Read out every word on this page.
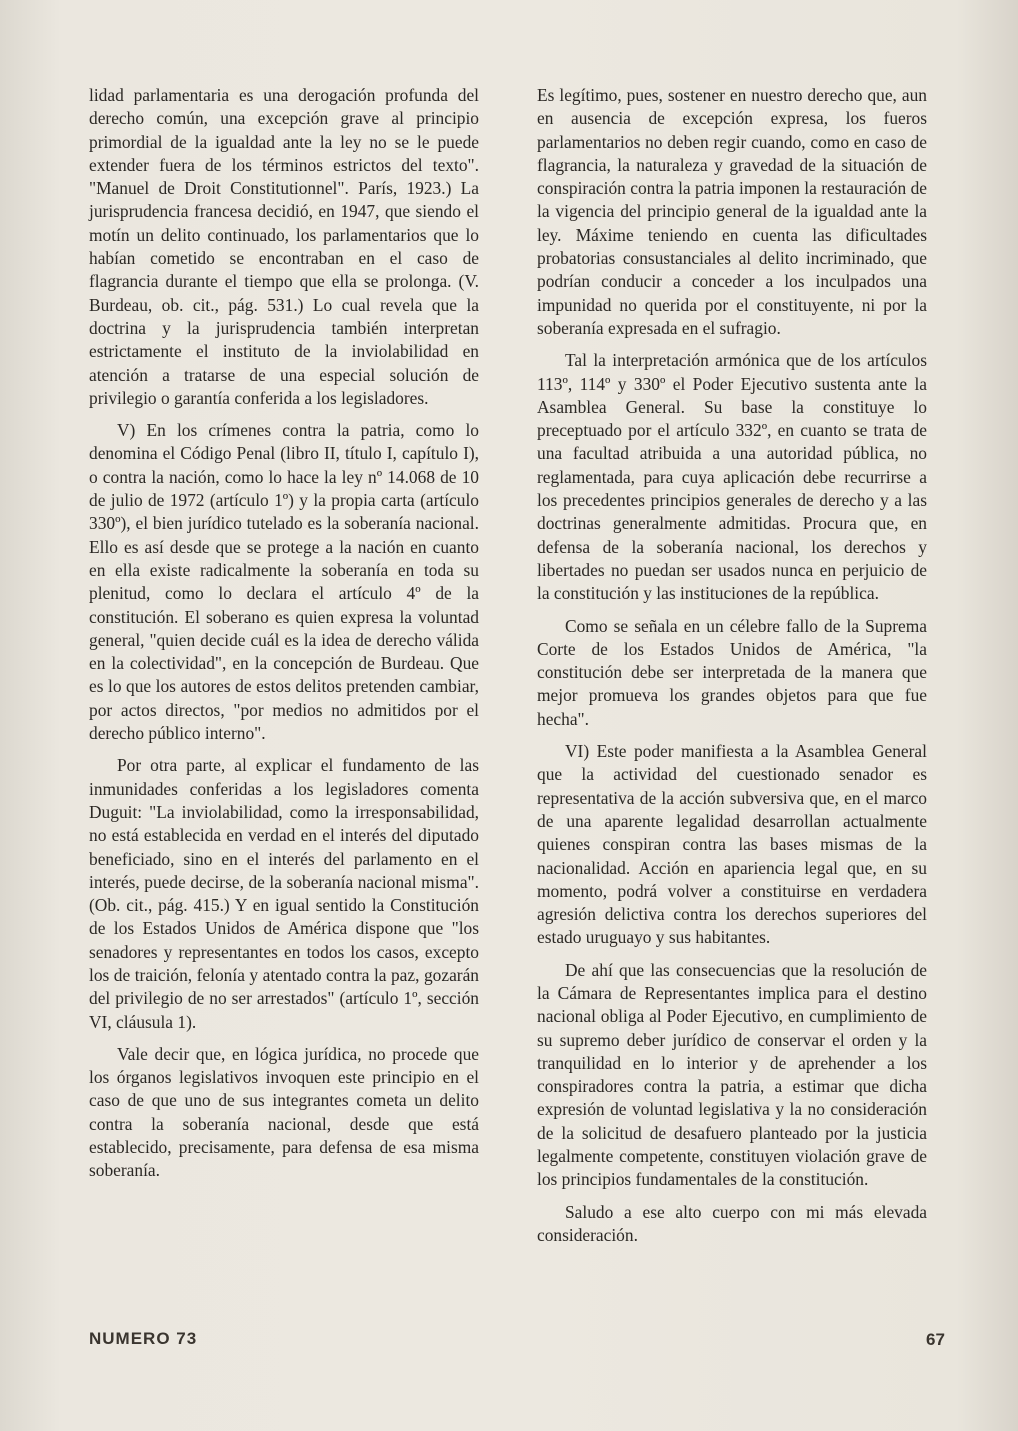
lidad parlamentaria es una derogación profunda del derecho común, una excepción grave al principio primordial de la igualdad ante la ley no se le puede extender fuera de los términos estrictos del texto". "Manuel de Droit Constitutionnel". París, 1923.) La jurisprudencia francesa decidió, en 1947, que siendo el motín un delito continuado, los parlamentarios que lo habían cometido se encontraban en el caso de flagrancia durante el tiempo que ella se prolonga. (V. Burdeau, ob. cit., pág. 531.) Lo cual revela que la doctrina y la jurisprudencia también interpretan estrictamente el instituto de la inviolabilidad en atención a tratarse de una especial solución de privilegio o garantía conferida a los legisladores.

V) En los crímenes contra la patria, como lo denomina el Código Penal (libro II, título I, capítulo I), o contra la nación, como lo hace la ley nº 14.068 de 10 de julio de 1972 (artículo 1º) y la propia carta (artículo 330º), el bien jurídico tutelado es la soberanía nacional. Ello es así desde que se protege a la nación en cuanto en ella existe radicalmente la soberanía en toda su plenitud, como lo declara el artículo 4º de la constitución. El soberano es quien expresa la voluntad general, "quien decide cuál es la idea de derecho válida en la colectividad", en la concepción de Burdeau. Que es lo que los autores de estos delitos pretenden cambiar, por actos directos, "por medios no admitidos por el derecho público interno".

Por otra parte, al explicar el fundamento de las inmunidades conferidas a los legisladores comenta Duguit: "La inviolabilidad, como la irresponsabilidad, no está establecida en verdad en el interés del diputado beneficiado, sino en el interés del parlamento en el interés, puede decirse, de la soberanía nacional misma". (Ob. cit., pág. 415.) Y en igual sentido la Constitución de los Estados Unidos de América dispone que "los senadores y representantes en todos los casos, excepto los de traición, felonía y atentado contra la paz, gozarán del privilegio de no ser arrestados" (artículo 1º, sección VI, cláusula 1).

Vale decir que, en lógica jurídica, no procede que los órganos legislativos invoquen este principio en el caso de que uno de sus integrantes cometa un delito contra la soberanía nacional, desde que está establecido, precisamente, para defensa de esa misma soberanía.

Es legítimo, pues, sostener en nuestro derecho que, aun en ausencia de excepción expresa, los fueros parlamentarios no deben regir cuando, como en caso de flagrancia, la naturaleza y gravedad de la situación de conspiración contra la patria imponen la restauración de la vigencia del principio general de la igualdad ante la ley. Máxime teniendo en cuenta las dificultades probatorias consustanciales al delito incriminado, que podrían conducir a conceder a los inculpados una impunidad no querida por el constituyente, ni por la soberanía expresada en el sufragio.

Tal la interpretación armónica que de los artículos 113º, 114º y 330º el Poder Ejecutivo sustenta ante la Asamblea General. Su base la constituye lo preceptuado por el artículo 332º, en cuanto se trata de una facultad atribuida a una autoridad pública, no reglamentada, para cuya aplicación debe recurrirse a los precedentes principios generales de derecho y a las doctrinas generalmente admitidas. Procura que, en defensa de la soberanía nacional, los derechos y libertades no puedan ser usados nunca en perjuicio de la constitución y las instituciones de la república.

Como se señala en un célebre fallo de la Suprema Corte de los Estados Unidos de América, "la constitución debe ser interpretada de la manera que mejor promueva los grandes objetos para que fue hecha".

VI) Este poder manifiesta a la Asamblea General que la actividad del cuestionado senador es representativa de la acción subversiva que, en el marco de una aparente legalidad desarrollan actualmente quienes conspiran contra las bases mismas de la nacionalidad. Acción en apariencia legal que, en su momento, podrá volver a constituirse en verdadera agresión delictiva contra los derechos superiores del estado uruguayo y sus habitantes.

De ahí que las consecuencias que la resolución de la Cámara de Representantes implica para el destino nacional obliga al Poder Ejecutivo, en cumplimiento de su supremo deber jurídico de conservar el orden y la tranquilidad en lo interior y de aprehender a los conspiradores contra la patria, a estimar que dicha expresión de voluntad legislativa y la no consideración de la solicitud de desafuero planteado por la justicia legalmente competente, constituyen violación grave de los principios fundamentales de la constitución.

Saludo a ese alto cuerpo con mi más elevada consideración.

NUMERO 73	67
